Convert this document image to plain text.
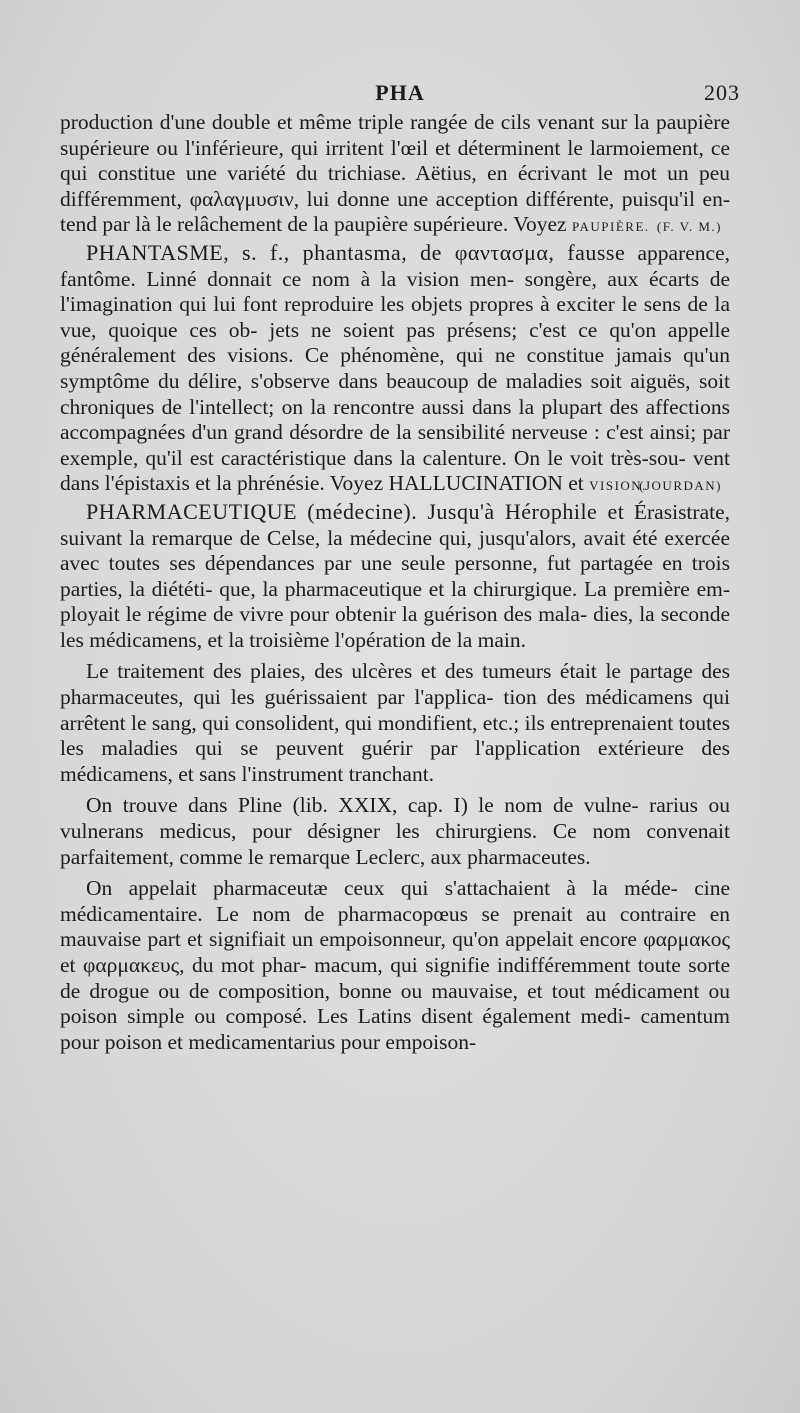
PHA	203

production d'une double et même triple rangée de cils venant sur la paupière supérieure ou l'inférieure, qui irritent l'œil et déterminent le larmoiement, ce qui constitue une variété du trichiase. Aëtius, en écrivant le mot un peu différemment, φαλαγμυσιν, lui donne une acception différente, puisqu'il en- tend par là le relâchement de la paupière supérieure. Voyez PAUPIÈRE. (F. V. M.)

PHANTASME, s. f., phantasma, de φαντασμα, fausse apparence, fantôme. Linné donnait ce nom à la vision men- songère, aux écarts de l'imagination qui lui font reproduire les objets propres à exciter le sens de la vue, quoique ces ob- jets ne soient pas présens; c'est ce qu'on appelle généralement des visions. Ce phénomène, qui ne constitue jamais qu'un symptôme du délire, s'observe dans beaucoup de maladies soit aiguës, soit chroniques de l'intellect; on la rencontre aussi dans la plupart des affections accompagnées d'un grand désordre de la sensibilité nerveuse : c'est ainsi; par exemple, qu'il est caractéristique dans la calenture. On le voit très-sou- vent dans l'épistaxis et la phrénésie. Voyez HALLUCINATION et VISION.

(JOURDAN)

PHARMACEUTIQUE (médecine). Jusqu'à Hérophile et Érasistrate, suivant la remarque de Celse, la médecine qui, jusqu'alors, avait été exercée avec toutes ses dépendances par une seule personne, fut partagée en trois parties, la diététi- que, la pharmaceutique et la chirurgique. La première em- ployait le régime de vivre pour obtenir la guérison des mala- dies, la seconde les médicamens, et la troisième l'opération de la main.

Le traitement des plaies, des ulcères et des tumeurs était le partage des pharmaceutes, qui les guérissaient par l'applica- tion des médicamens qui arrêtent le sang, qui consolident, qui mondifient, etc.; ils entreprenaient toutes les maladies qui se peuvent guérir par l'application extérieure des médicamens, et sans l'instrument tranchant.

On trouve dans Pline (lib. XXIX, cap. I) le nom de vulne- rarius ou vulnerans medicus, pour désigner les chirurgiens. Ce nom convenait parfaitement, comme le remarque Leclerc, aux pharmaceutes.

On appelait pharmaceutæ ceux qui s'attachaient à la méde- cine médicamentaire. Le nom de pharmacopœus se prenait au contraire en mauvaise part et signifiait un empoisonneur, qu'on appelait encore φαρμακος et φαρμακευς, du mot phar- macum, qui signifie indifféremment toute sorte de drogue ou de composition, bonne ou mauvaise, et tout médicament ou poison simple ou composé. Les Latins disent également medi- camentum pour poison et medicamentarius pour empoison-
